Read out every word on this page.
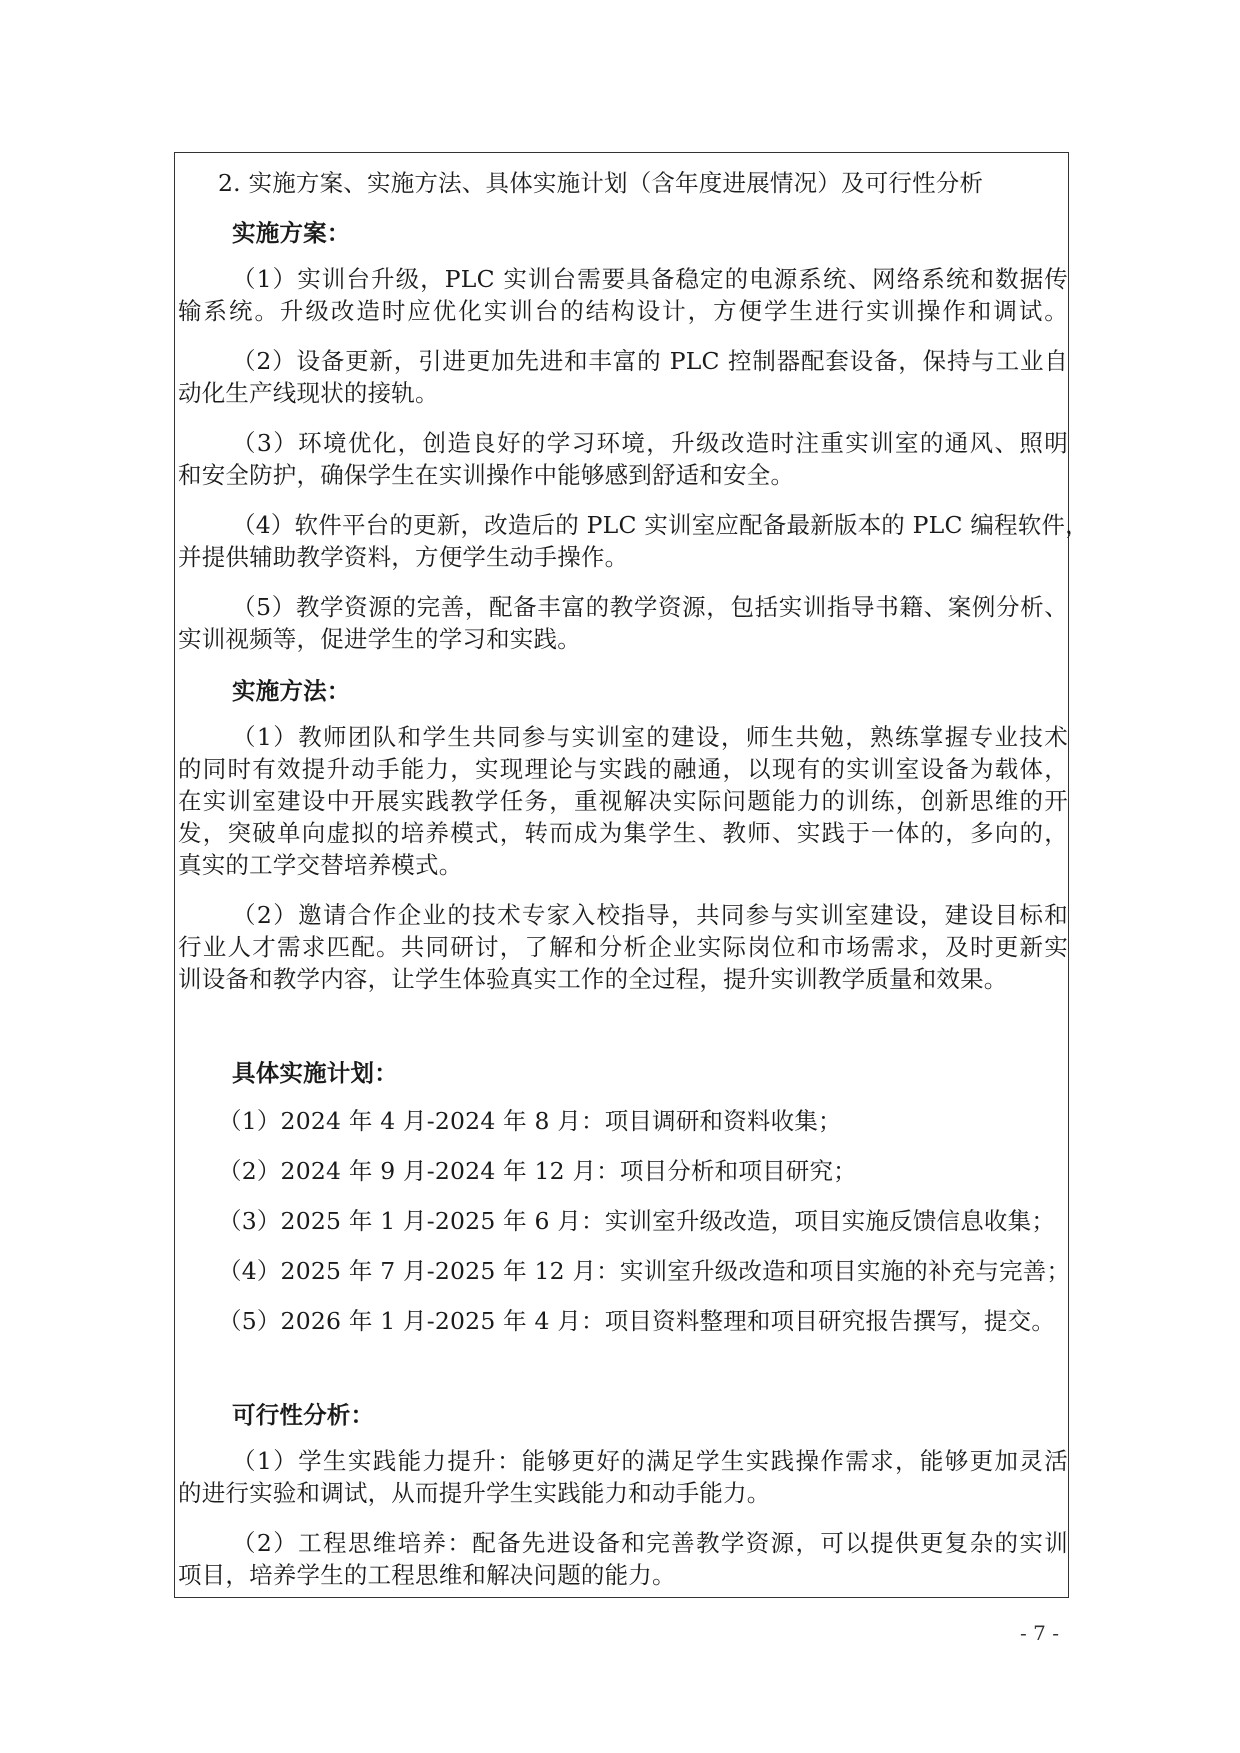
2. 实施方案、实施方法、具体实施计划（含年度进展情况）及可行性分析
实施方案：
（1）实训台升级，PLC 实训台需要具备稳定的电源系统、网络系统和数据传
输系统。升级改造时应优化实训台的结构设计，方便学生进行实训操作和调试。
（2）设备更新，引进更加先进和丰富的 PLC 控制器配套设备，保持与工业自
动化生产线现状的接轨。
（3）环境优化，创造良好的学习环境，升级改造时注重实训室的通风、照明
和安全防护，确保学生在实训操作中能够感到舒适和安全。
（4）软件平台的更新，改造后的 PLC 实训室应配备最新版本的 PLC 编程软件，
并提供辅助教学资料，方便学生动手操作。
（5）教学资源的完善，配备丰富的教学资源，包括实训指导书籍、案例分析、
实训视频等，促进学生的学习和实践。
实施方法：
（1）教师团队和学生共同参与实训室的建设，师生共勉，熟练掌握专业技术
的同时有效提升动手能力，实现理论与实践的融通，以现有的实训室设备为载体，
在实训室建设中开展实践教学任务，重视解决实际问题能力的训练，创新思维的开
发，突破单向虚拟的培养模式，转而成为集学生、教师、实践于一体的，多向的，
真实的工学交替培养模式。
（2）邀请合作企业的技术专家入校指导，共同参与实训室建设，建设目标和
行业人才需求匹配。共同研讨，了解和分析企业实际岗位和市场需求，及时更新实
训设备和教学内容，让学生体验真实工作的全过程，提升实训教学质量和效果。
具体实施计划：
（1）2024 年 4 月-2024 年 8 月：项目调研和资料收集；
（2）2024 年 9 月-2024 年 12 月：项目分析和项目研究；
（3）2025 年 1 月-2025 年 6 月：实训室升级改造，项目实施反馈信息收集；
（4）2025 年 7 月-2025 年 12 月：实训室升级改造和项目实施的补充与完善；
（5）2026 年 1 月-2025 年 4 月：项目资料整理和项目研究报告撰写，提交。
可行性分析：
（1）学生实践能力提升：能够更好的满足学生实践操作需求，能够更加灵活
的进行实验和调试，从而提升学生实践能力和动手能力。
（2）工程思维培养：配备先进设备和完善教学资源，可以提供更复杂的实训
项目，培养学生的工程思维和解决问题的能力。
- 7 -
